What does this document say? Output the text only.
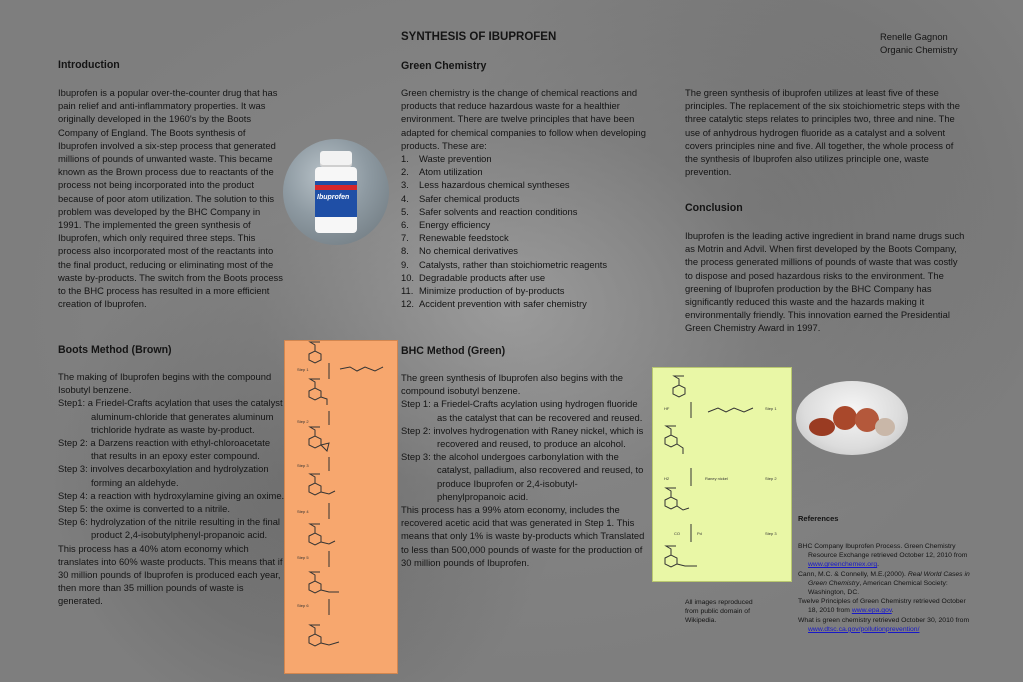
SYNTHESIS OF IBUPROFEN	Renelle Gagnon
Organic Chemistry
Introduction

Ibuprofen is a popular over-the-counter drug that has pain relief and anti-inflammatory properties. It was originally developed in the 1960's by the Boots Company of England. The Boots synthesis of Ibuprofen involved a six-step process that generated millions of pounds of unwanted waste. This became known as the Brown process due to reactants of the process not being incorporated into the product because of poor atom utilization. The solution to this problem was developed by the BHC Company in 1991. The implemented the green synthesis of Ibuprofen, which only required three steps. This process also incorporated most of the reactants into the final product, reducing or eliminating most of the waste by-products. The switch from the Boots process to the BHC process has resulted in a more efficient creation of Ibuprofen.

Ibuprofen
Green Chemistry

Green chemistry is the change of chemical reactions and products that reduce hazardous waste for a healthier environment. There are twelve principles that have been adapted for chemical companies to follow when developing products. These are:

1.	Waste prevention
2.	Atom utilization
3.	Less hazardous chemical syntheses
4.	Safer chemical products
5.	Safer solvents and reaction conditions
6.	Energy efficiency
7.	Renewable feedstock
8.	No chemical derivatives
9.	Catalysts, rather than stoichiometric reagents
10. Degradable products after use
11. Minimize production of by-products
12. Accident prevention with safer chemistry

The green synthesis of ibuprofen utilizes at least five of these principles. The replacement of the six stoichiometric steps with the three catalytic steps relates to principles two, three and nine. The use of anhydrous hydrogen fluoride as a catalyst and a solvent covers principles nine and five. All together, the whole process of the synthesis of Ibuprofen also utilizes principle one, waste prevention.

Conclusion

Ibuprofen is the leading active ingredient in brand name drugs such as Motrin and Advil. When first developed by the Boots Company, the process generated millions of pounds of waste that was costly to dispose and posed hazardous risks to the environment. The greening of Ibuprofen production by the BHC Company has significantly reduced this waste and the hazards making it environmentally friendly. This innovation earned the Presidential Green Chemistry Award in 1997.

Boots Method (Brown)

The making of Ibuprofen begins with the compound Isobutyl benzene.

Step1: a Friedel-Crafts acylation that uses the catalyst aluminum-chloride that generates aluminum trichloride hydrate as waste by-product.
Step 2: a Darzens reaction with ethyl-chloroacetate that results in an epoxy ester compound.
Step 3: involves decarboxylation and hydrolyzation forming an aldehyde.
Step 4: a reaction with hydroxylamine giving an oxime.
Step 5: the oxime is converted to a nitrile.
Step 6: hydrolyzation of the nitrile resulting in the final product 2,4-isobutylphenyl-propanoic acid.

This process has a 40% atom economy which translates into 60% waste products. This means that if 30 million pounds of Ibuprofen is produced each year, then more than 35 million pounds of waste is generated.

Step 1
Step 2
Step 3
Step 4
Step 5
Step 6
BHC Method (Green)

The green synthesis of Ibuprofen also begins with the compound isobutyl benzene.

Step 1: a Friedel-Crafts acylation using hydrogen fluoride as the catalyst that can be recovered and reused.
Step 2: involves hydrogenation with Raney nickel, which is recovered and reused, to produce an alcohol.
Step 3: the alcohol undergoes carbonylation with the catalyst, palladium, also recovered and reused, to produce Ibuprofen or 2,4-isobutyl-phenylpropanoic acid.

This process has a 99% atom economy, includes the recovered acetic acid that was generated in Step 1. This means that only 1% is waste by-products which Translated to less than 500,000 pounds of waste for the production of 30 million pounds of Ibuprofen.

HF	Step 1
H2	Raney nickel	Step 2
CO	Pd	Step 3
References

BHC Company Ibuprofen Process. Green Chemistry Resource Exchange retrieved October 12, 2010 from www.greenchemex.org.

Cann, M.C. & Connelly, M.E.(2000). Real World Cases in Green Chemistry, American Chemical Society: Washington, DC.

Twelve Principles of Green Chemistry retrieved October 18, 2010 from www.epa.gov.

What is green chemistry retrieved October 30, 2010 from www.dtsc.ca.gov/pollutionprevention/

All images reproduced from public domain of Wikipedia.
